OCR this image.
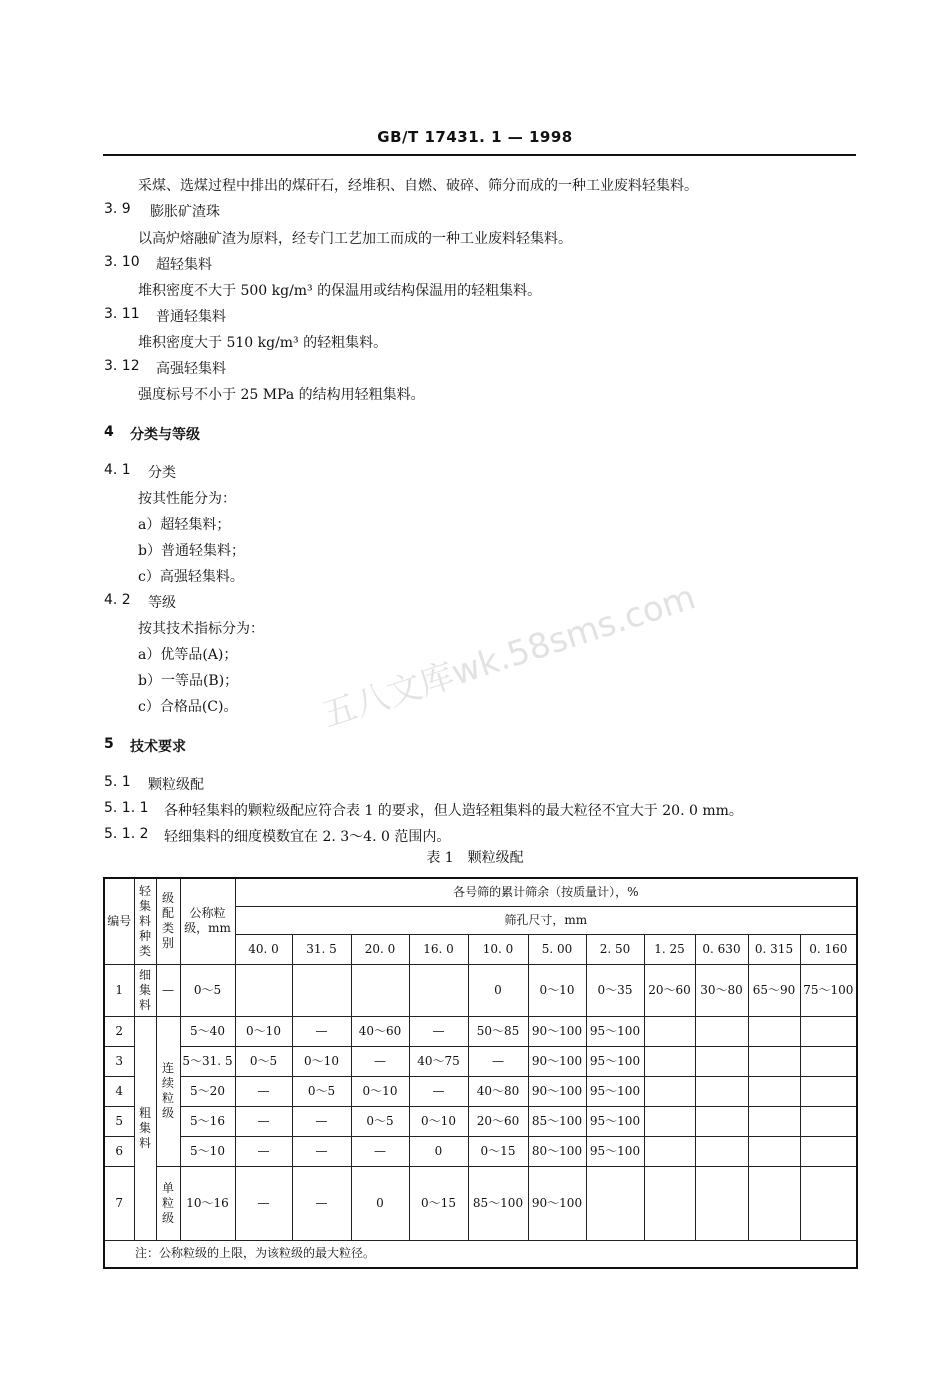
GB/T 17431. 1 — 1998
采煤、选煤过程中排出的煤矸石，经堆积、自燃、破碎、筛分而成的一种工业废料轻集料。
3. 9 膨胀矿渣珠
以高炉熔融矿渣为原料，经专门工艺加工而成的一种工业废料轻集料。
3. 10 超轻集料
堆积密度不大于 500 kg/m³ 的保温用或结构保温用的轻粗集料。
3. 11 普通轻集料
堆积密度大于 510 kg/m³ 的轻粗集料。
3. 12 高强轻集料
强度标号不小于 25 MPa 的结构用轻粗集料。
4 分类与等级
4. 1 分类
按其性能分为：
a）超轻集料；
b）普通轻集料；
c）高强轻集料。
4. 2 等级
按其技术指标分为：
a）优等品(A)；
b）一等品(B)；
c）合格品(C)。
5 技术要求
5. 1 颗粒级配
5. 1. 1 各种轻集料的颗粒级配应符合表 1 的要求，但人造轻粗集料的最大粒径不宜大于 20. 0 mm。
5. 1. 2 轻细集料的细度模数宜在 2. 3～4. 0 范围内。
五八文库wk.58sms.com
表 1　颗粒级配
编号	轻集料种类	级配类别	公称粒级，mm	各号筛的累计筛余（按质量计），%										
				筛孔尺寸，mm										
				40. 0	31. 5	20. 0	16. 0	10. 0	5. 00	2. 50	1. 25	0. 630	0. 315	0. 160
1	细集料	—	0～5					0	0～10	0～35	20～60	30～80	65～90	75～100
2	粗集料	连续粒级	5～40	0～10	—	40～60	—	50～85	90～100	95～100				
3			5～31. 5	0～5	0～10	—	40～75	—	90～100	95～100				
4			5～20	—	0～5	0～10	—	40～80	90～100	95～100				
5			5～16	—	—	0～5	0～10	20～60	85～100	95～100				
6			5～10	—	—	—	0	0～15	80～100	95～100				
7		单粒级	10～16	—	—	0	0～15	85～100	90～100					
注：公称粒级的上限，为该粒级的最大粒径。														
